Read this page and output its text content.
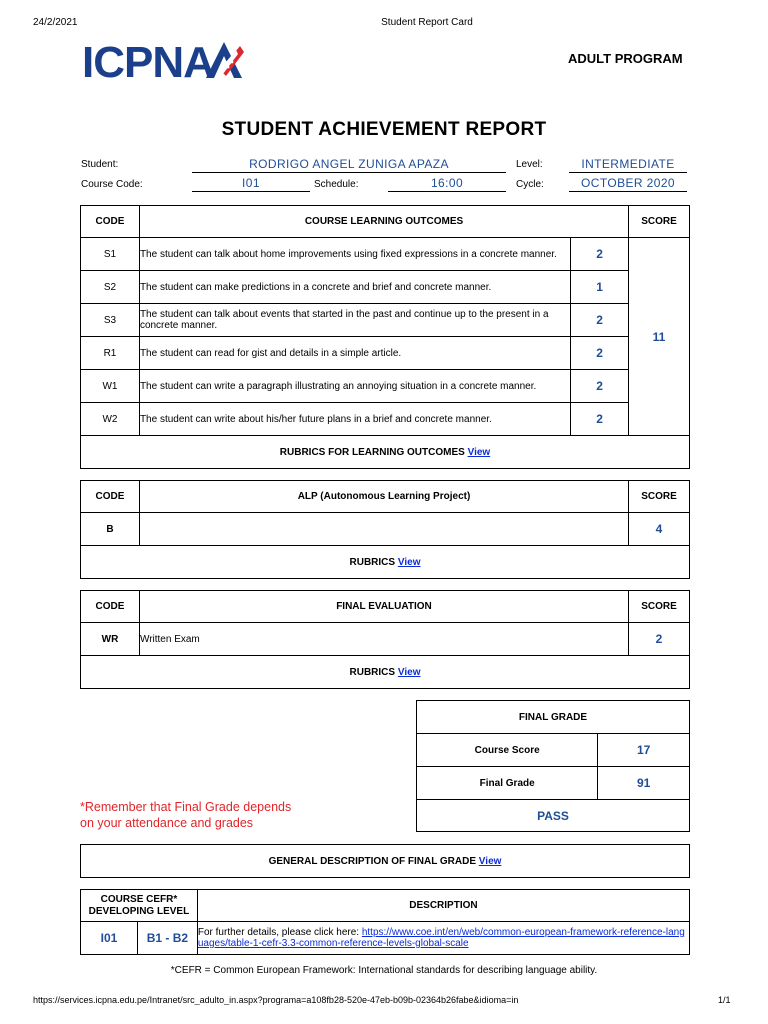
24/2/2021	Student Report Card
ICPNA	ADULT PROGRAM
STUDENT ACHIEVEMENT REPORT
Student:	RODRIGO ANGEL ZUNIGA APAZA	Level:	INTERMEDIATE
Course Code:	I01	Schedule:	16:00	Cycle:	OCTOBER 2020
CODE	COURSE LEARNING OUTCOMES		SCORE
S1	The student can talk about home improvements using fixed expressions in a concrete manner.	2	11
S2	The student can make predictions in a concrete and brief and concrete manner.	1	
S3	The student can talk about events that started in the past and continue up to the present in a concrete manner.	2	
R1	The student can read for gist and details in a simple article.	2	
W1	The student can write a paragraph illustrating an annoying situation in a concrete manner.	2	
W2	The student can write about his/her future plans in a brief and concrete manner.	2	
RUBRICS FOR LEARNING OUTCOMES View			
CODE	ALP (Autonomous Learning Project)	SCORE
B		4
RUBRICS View		
CODE	FINAL EVALUATION	SCORE
WR	Written Exam	2
RUBRICS View		
FINAL GRADE	
Course Score	17
Final Grade	91
PASS	
*Remember that Final Grade depends
on your attendance and grades
GENERAL DESCRIPTION OF FINAL GRADE View
COURSE CEFR*
DEVELOPING LEVEL		DESCRIPTION
I01	B1 - B2	For further details, please click here: https://www.coe.int/en/web/common-european-framework-reference-languages/table-1-cefr-3.3-common-reference-levels-global-scale
*CEFR = Common European Framework: International standards for describing language ability.
https://services.icpna.edu.pe/Intranet/src_adulto_in.aspx?programa=a108fb28-520e-47eb-b09b-02364b26fabe&idioma=in	1/1
